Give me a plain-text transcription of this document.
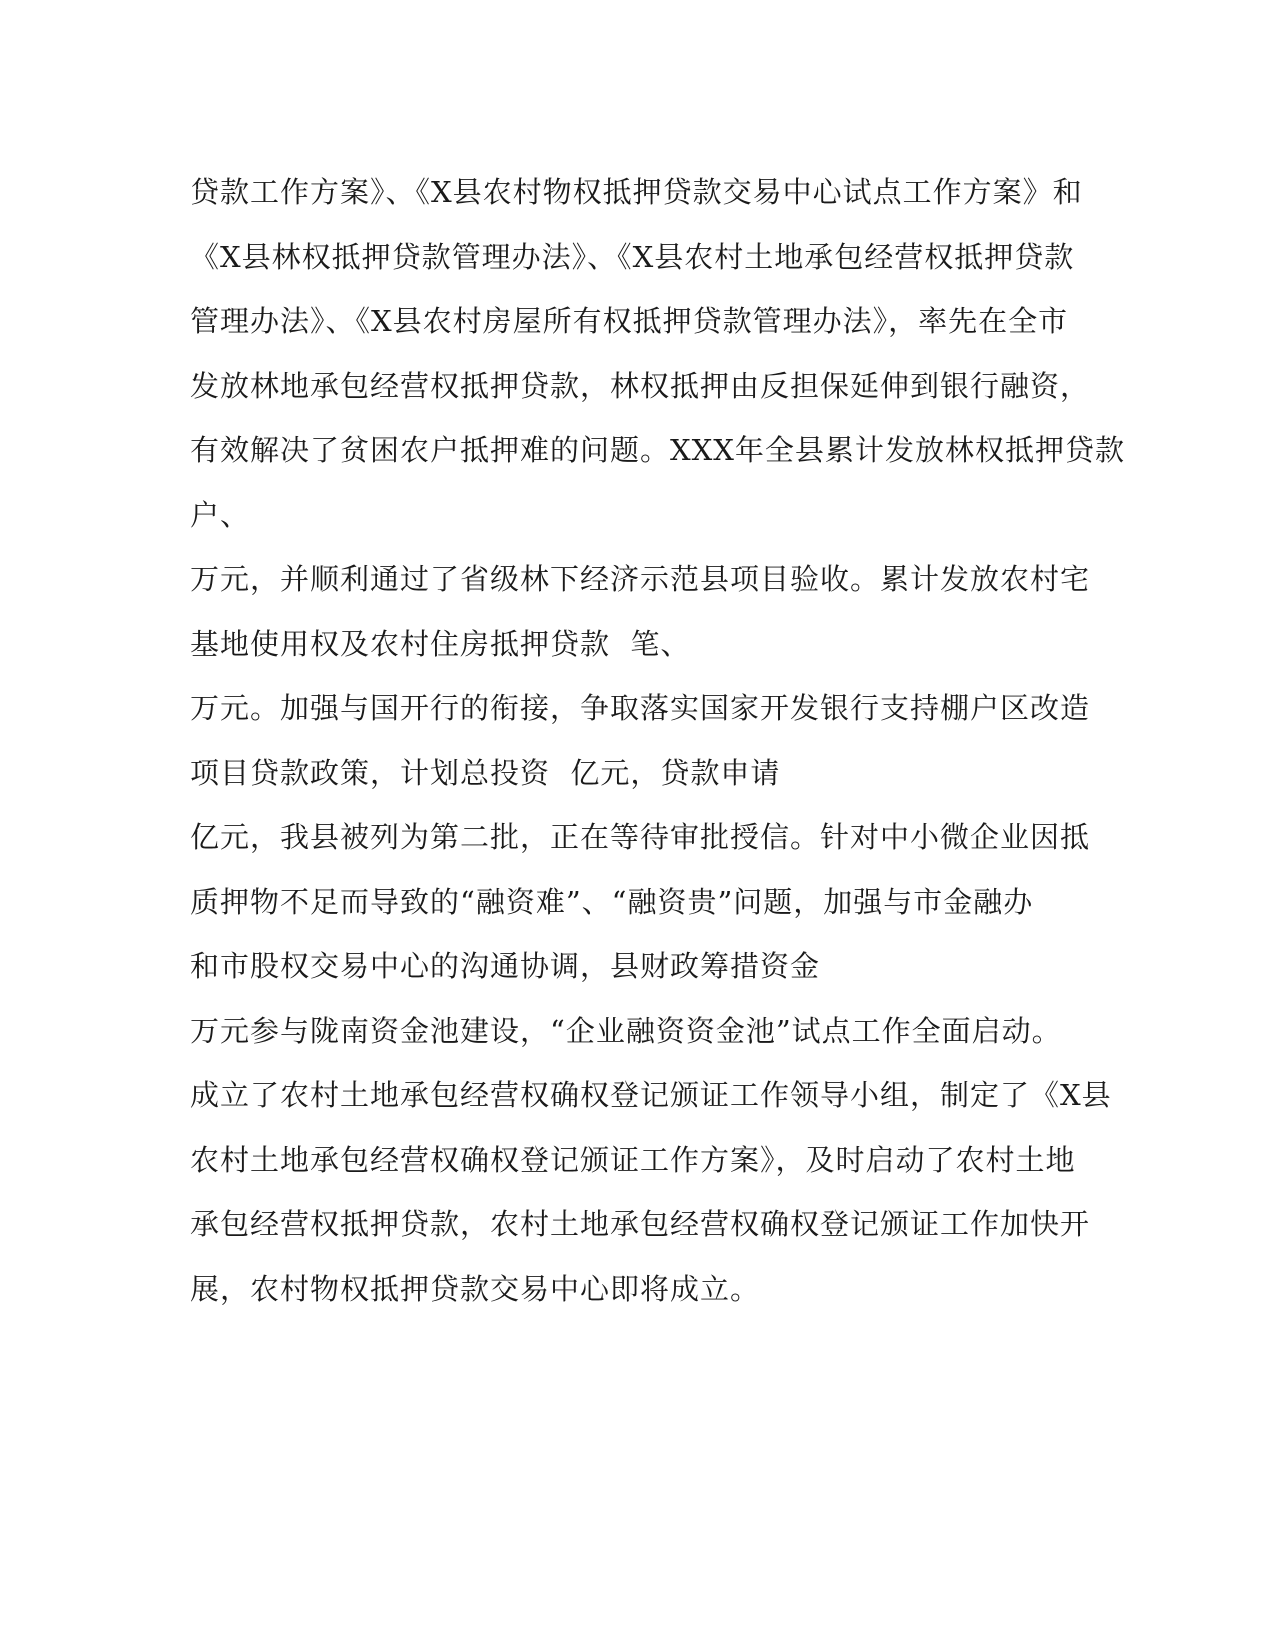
贷款工作方案》、《X县农村物权抵押贷款交易中心试点工作方案》和
《X县林权抵押贷款管理办法》、《X县农村土地承包经营权抵押贷款
管理办法》、《X县农村房屋所有权抵押贷款管理办法》，率先在全市
发放林地承包经营权抵押贷款，林权抵押由反担保延伸到银行融资，
有效解决了贫困农户抵押难的问题。XXX年全县累计发放林权抵押贷款
户、
万元，并顺利通过了省级林下经济示范县项目验收。累计发放农村宅
基地使用权及农村住房抵押贷款  笔、
万元。加强与国开行的衔接，争取落实国家开发银行支持棚户区改造
项目贷款政策，计划总投资  亿元，贷款申请
亿元，我县被列为第二批，正在等待审批授信。针对中小微企业因抵
质押物不足而导致的“融资难”、“融资贵”问题，加强与市金融办
和市股权交易中心的沟通协调，县财政筹措资金
万元参与陇南资金池建设，“企业融资资金池”试点工作全面启动。
成立了农村土地承包经营权确权登记颁证工作领导小组，制定了《X县
农村土地承包经营权确权登记颁证工作方案》，及时启动了农村土地
承包经营权抵押贷款，农村土地承包经营权确权登记颁证工作加快开
展，农村物权抵押贷款交易中心即将成立。
